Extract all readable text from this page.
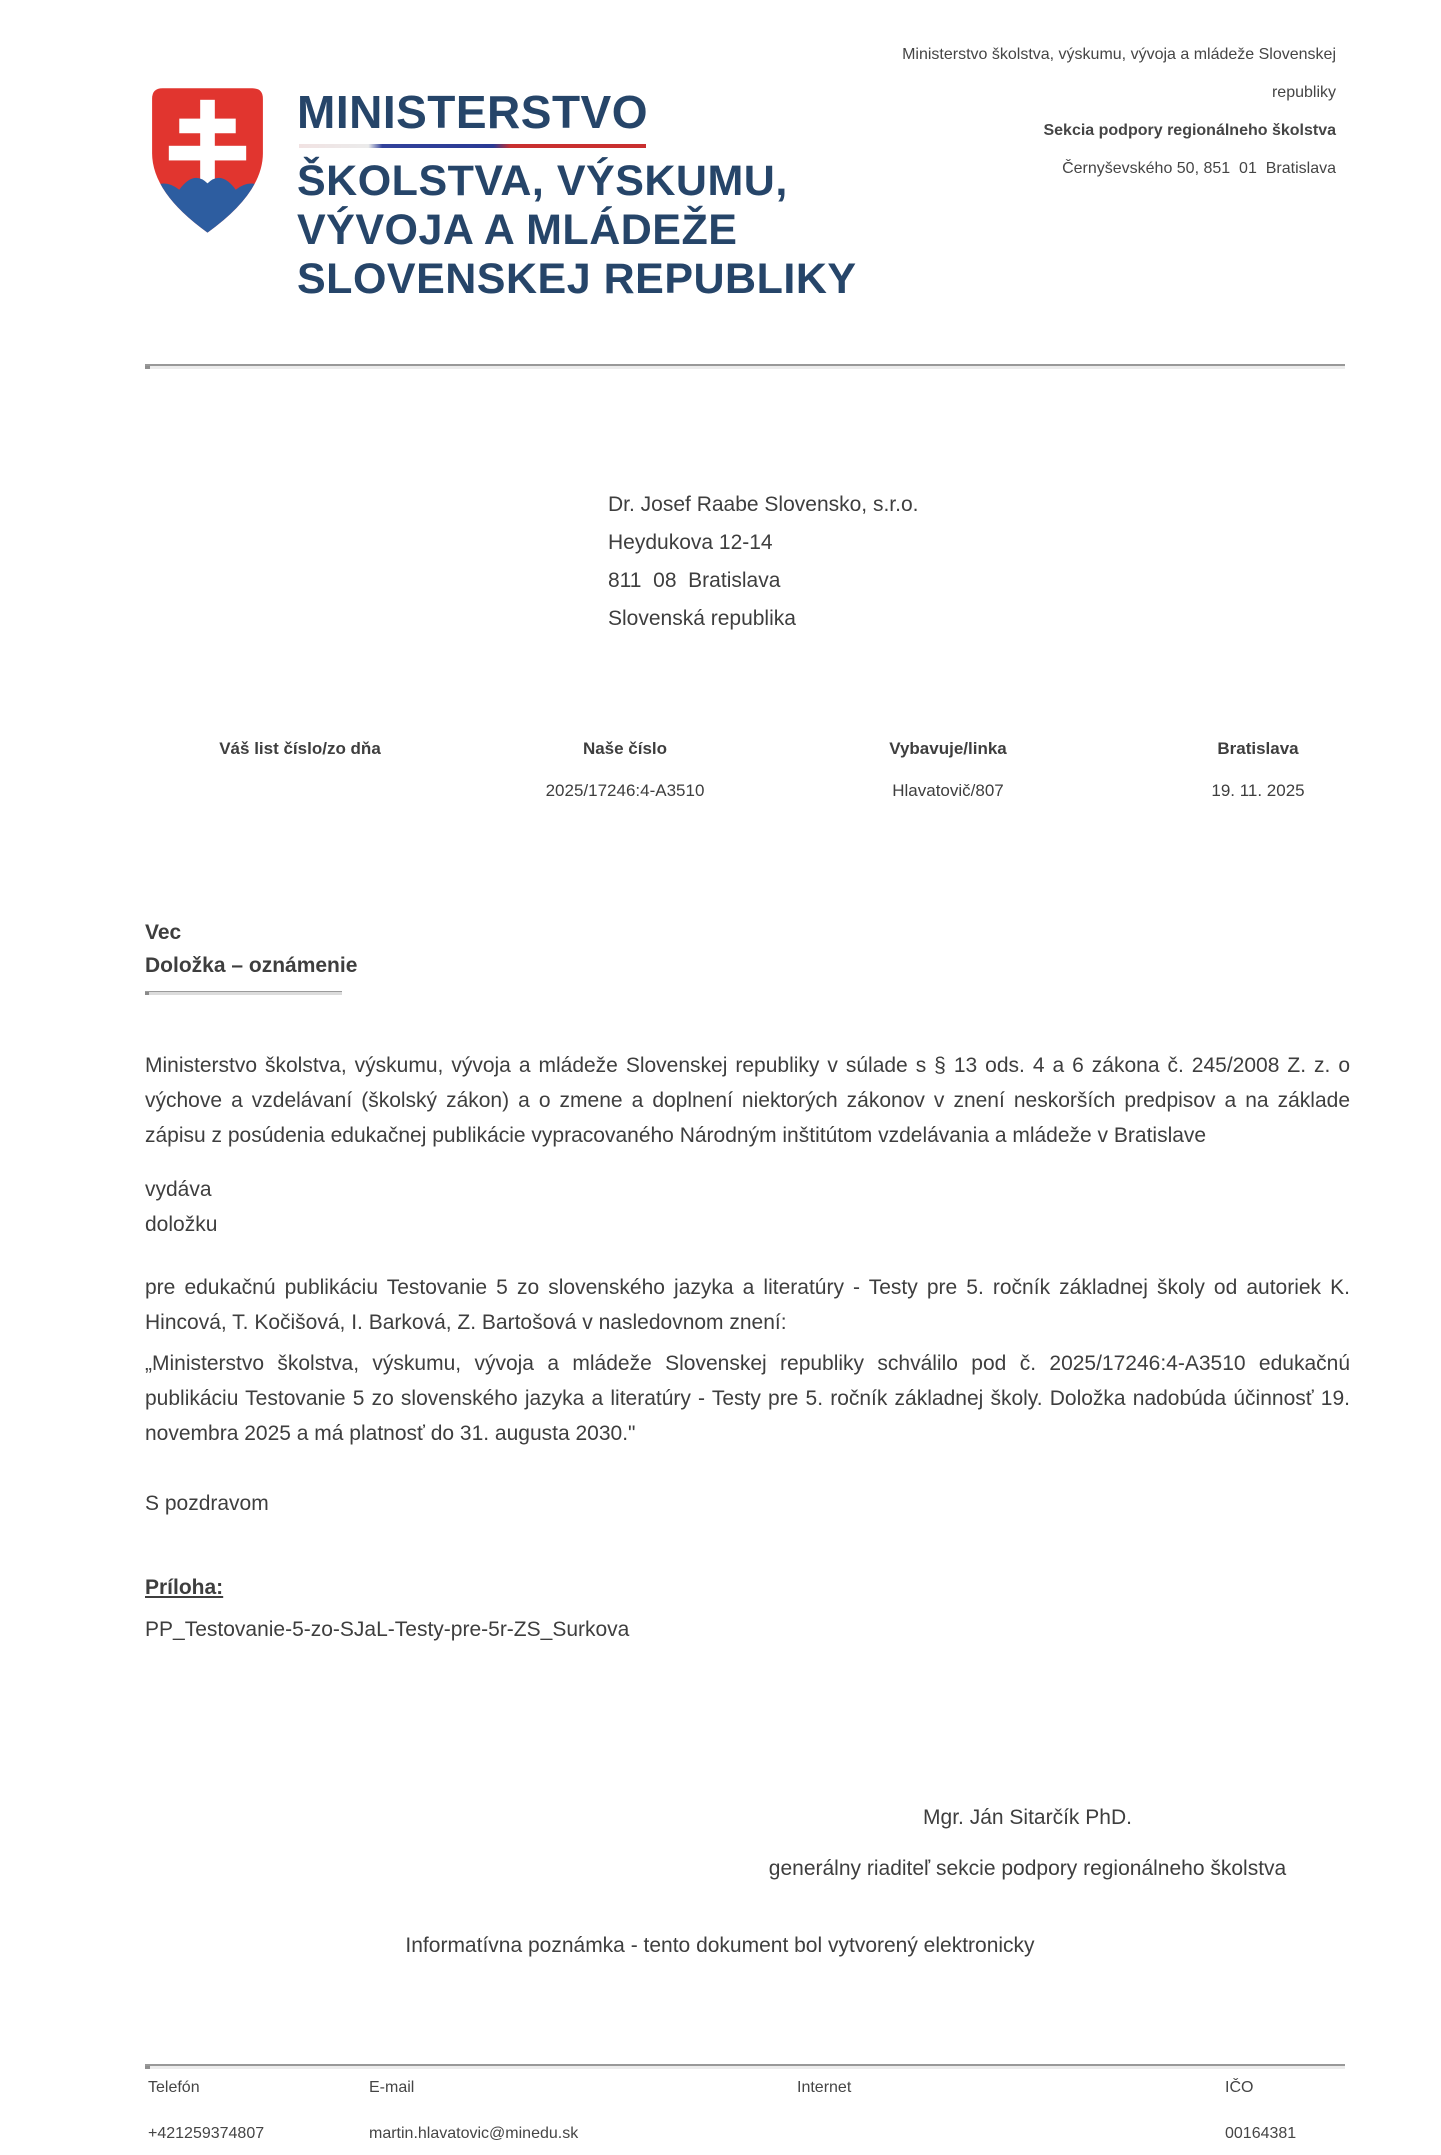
Ministerstvo školstva, výskumu, vývoja a mládeže Slovenskej
republiky
Sekcia podpory regionálneho školstva
Černyševského 50, 851  01  Bratislava
MINISTERSTVO
ŠKOLSTVA, VÝSKUMU,
VÝVOJA A MLÁDEŽE
SLOVENSKEJ REPUBLIKY
Dr. Josef Raabe Slovensko, s.r.o.
Heydukova 12-14
811  08  Bratislava
Slovenská republika
Váš list číslo/zo dňa	Naše číslo
2025/17246:4-A3510
Vybavuje/linka
Hlavatovič/807
Bratislava
19. 11. 2025
Vec
Doložka – oznámenie
Ministerstvo školstva, výskumu, vývoja a mládeže Slovenskej republiky v súlade s § 13 ods. 4 a 6 zákona č. 245/2008 Z. z. o výchove a vzdelávaní (školský zákon) a o zmene a doplnení niektorých zákonov v znení neskorších predpisov a na základe zápisu z posúdenia edukačnej publikácie vypracovaného Národným inštitútom vzdelávania a mládeže v Bratislave
vydáva
doložku
pre edukačnú publikáciu Testovanie 5 zo slovenského jazyka a literatúry - Testy pre 5. ročník základnej školy od autoriek K. Hincová, T. Kočišová, I. Barková, Z. Bartošová v nasledovnom znení:
„Ministerstvo školstva, výskumu, vývoja a mládeže Slovenskej republiky schválilo pod č. 2025/17246:4-A3510 edukačnú publikáciu Testovanie 5 zo slovenského jazyka a literatúry - Testy pre 5. ročník základnej školy. Doložka nadobúda účinnosť 19. novembra 2025 a má platnosť do 31. augusta 2030."
S pozdravom
Príloha:
PP_Testovanie-5-zo-SJaL-Testy-pre-5r-ZS_Surkova
Mgr. Ján Sitarčík PhD.
generálny riaditeľ sekcie podpory regionálneho školstva
Informatívna poznámka - tento dokument bol vytvorený elektronicky
Telefón
+421259374807
E-mail
martin.hlavatovic@minedu.sk
Internet	IČO
00164381
